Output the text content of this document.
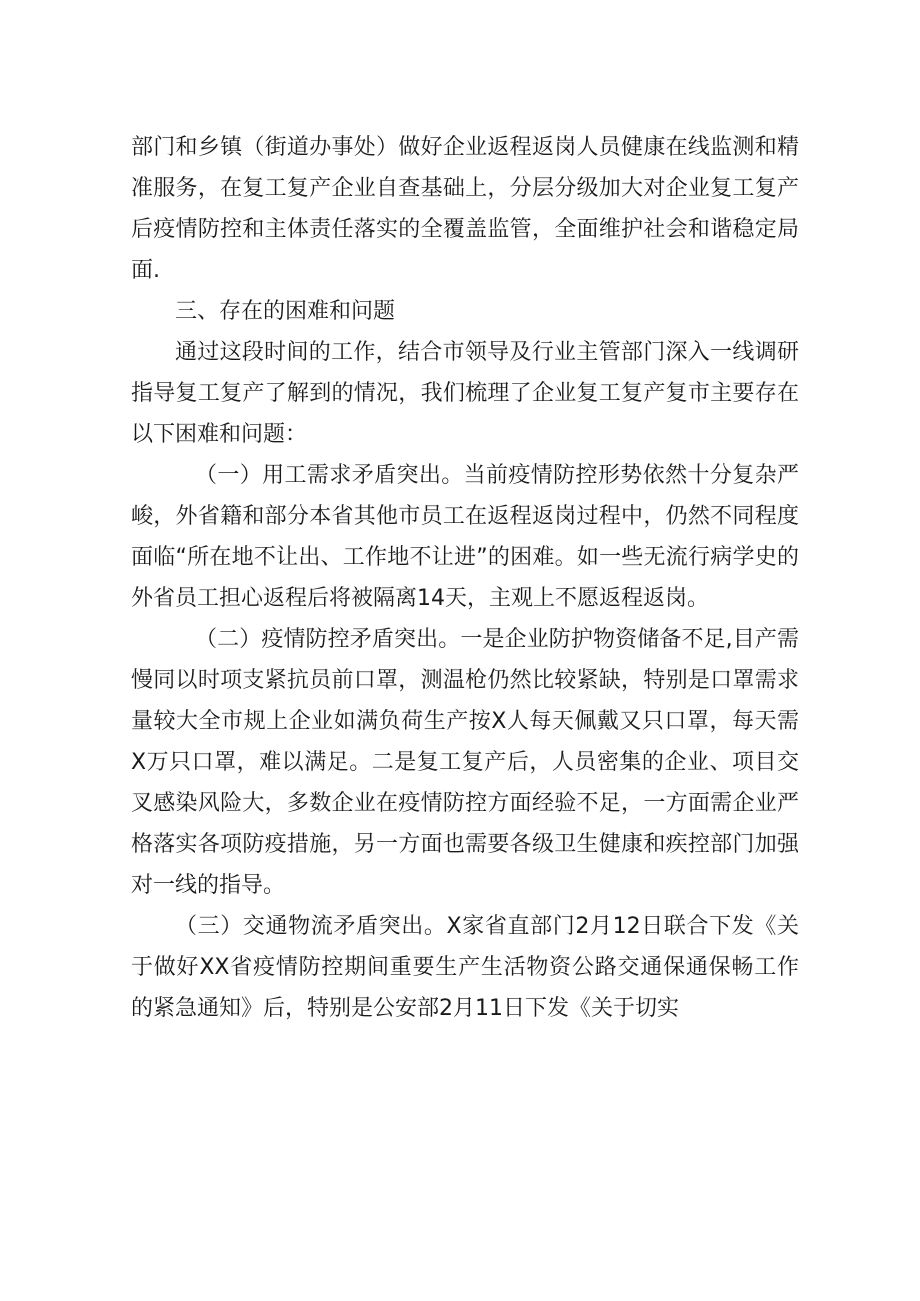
部门和乡镇（街道办事处）做好企业返程返岗人员健康在线监测和精准服务，在复工复产企业自查基础上，分层分级加大对企业复工复产后疫情防控和主体责任落实的全覆盖监管，全面维护社会和谐稳定局面.

三、存在的困难和问题

通过这段时间的工作，结合市领导及行业主管部门深入一线调研指导复工复产了解到的情况，我们梳理了企业复工复产复市主要存在以下困难和问题：

（一）用工需求矛盾突出。当前疫情防控形势依然十分复杂严峻，外省籍和部分本省其他市员工在返程返岗过程中，仍然不同程度面临“所在地不让出、工作地不让进”的困难。如一些无流行病学史的外省员工担心返程后将被隔离14天，主观上不愿返程返岗。

（二）疫情防控矛盾突出。一是企业防护物资储备不足,目产需慢同以时项支紧抗员前口罩，测温枪仍然比较紧缺，特别是口罩需求量较大全市规上企业如满负荷生产按X人每天佩戴又只口罩，每天需X万只口罩，难以满足。二是复工复产后，人员密集的企业、项目交叉感染风险大，多数企业在疫情防控方面经验不足，一方面需企业严格落实各项防疫措施，另一方面也需要各级卫生健康和疾控部门加强对一线的指导。

（三）交通物流矛盾突出。X家省直部门2月12日联合下发《关于做好XX省疫情防控期间重要生产生活物资公路交通保通保畅工作的紧急通知》后，特别是公安部2月11日下发《关于切实
